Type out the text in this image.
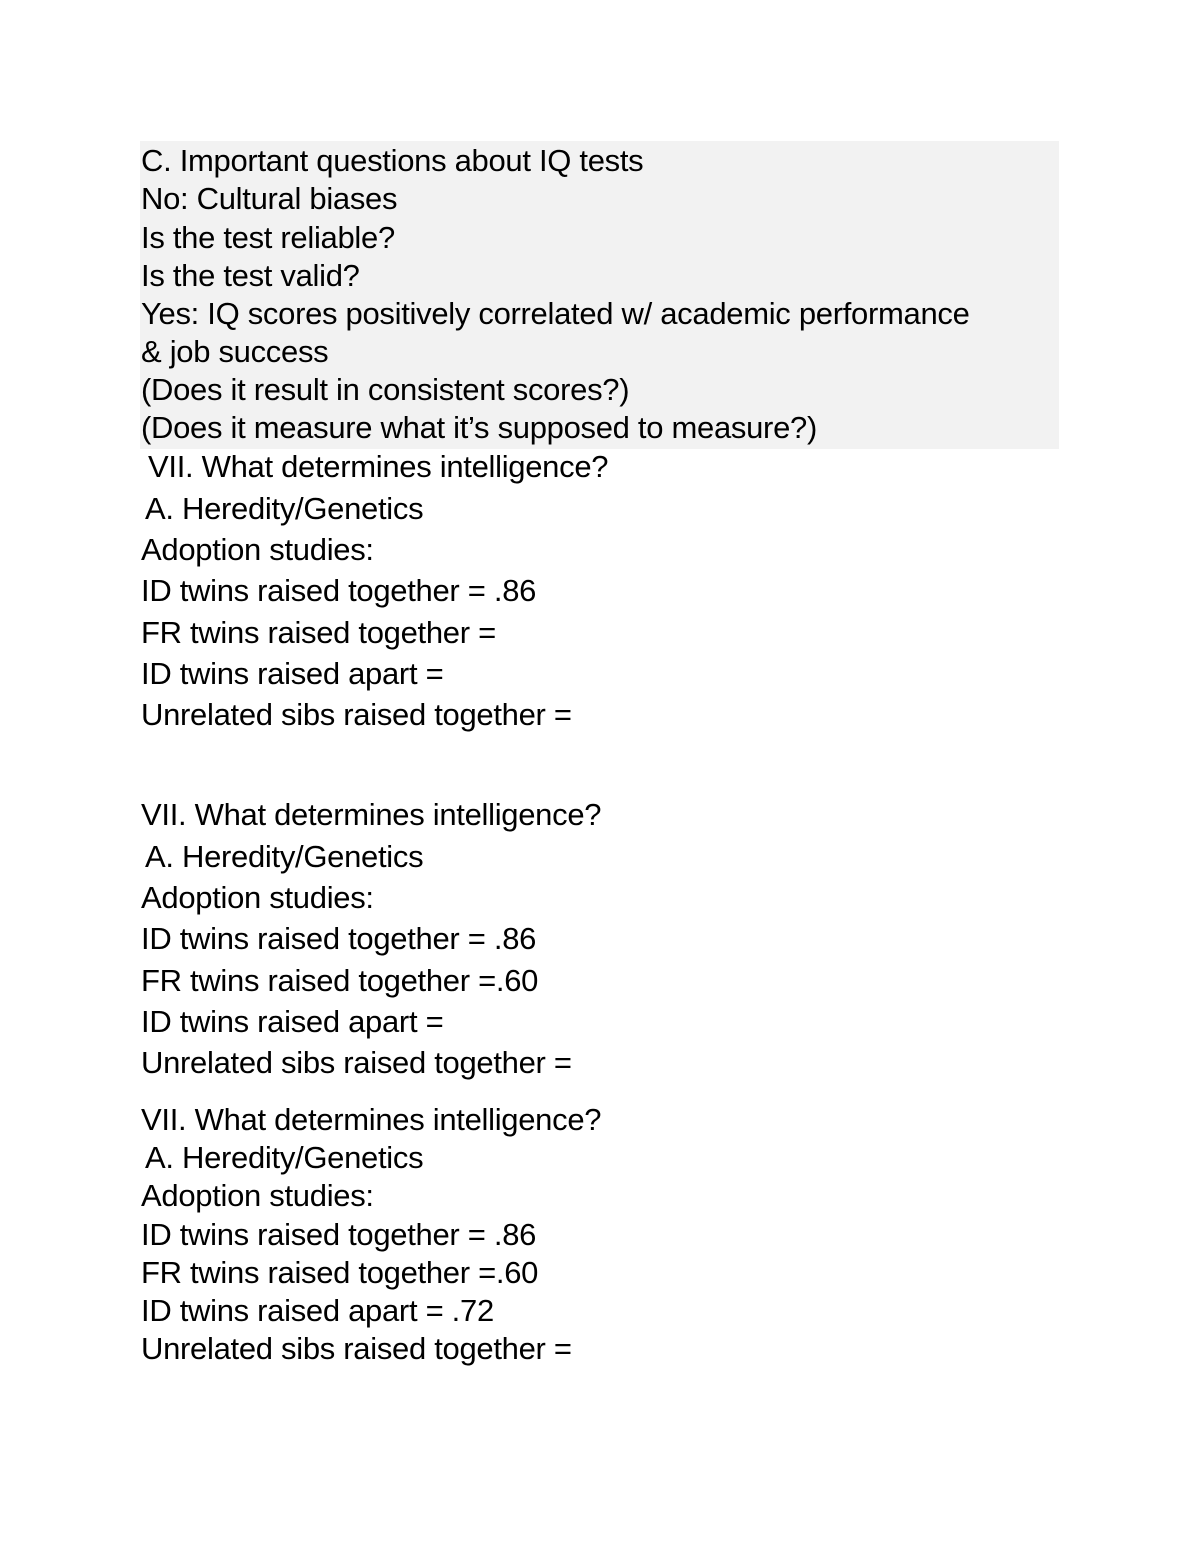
C. Important questions about IQ tests

No: Cultural biases

Is the test reliable?

Is the test valid?

Yes: IQ scores positively correlated w/ academic performance

& job success

(Does it result in consistent scores?)

(Does it measure what it’s supposed to measure?)

VII. What determines intelligence?

A. Heredity/Genetics

Adoption studies:

ID twins raised together = .86

FR twins raised together =

ID twins raised apart =

Unrelated sibs raised together =

VII. What determines intelligence?

A. Heredity/Genetics

Adoption studies:

ID twins raised together = .86

FR twins raised together =.60

ID twins raised apart =

Unrelated sibs raised together =

VII. What determines intelligence?

A. Heredity/Genetics

Adoption studies:

ID twins raised together = .86

FR twins raised together =.60

ID twins raised apart = .72

Unrelated sibs raised together =
